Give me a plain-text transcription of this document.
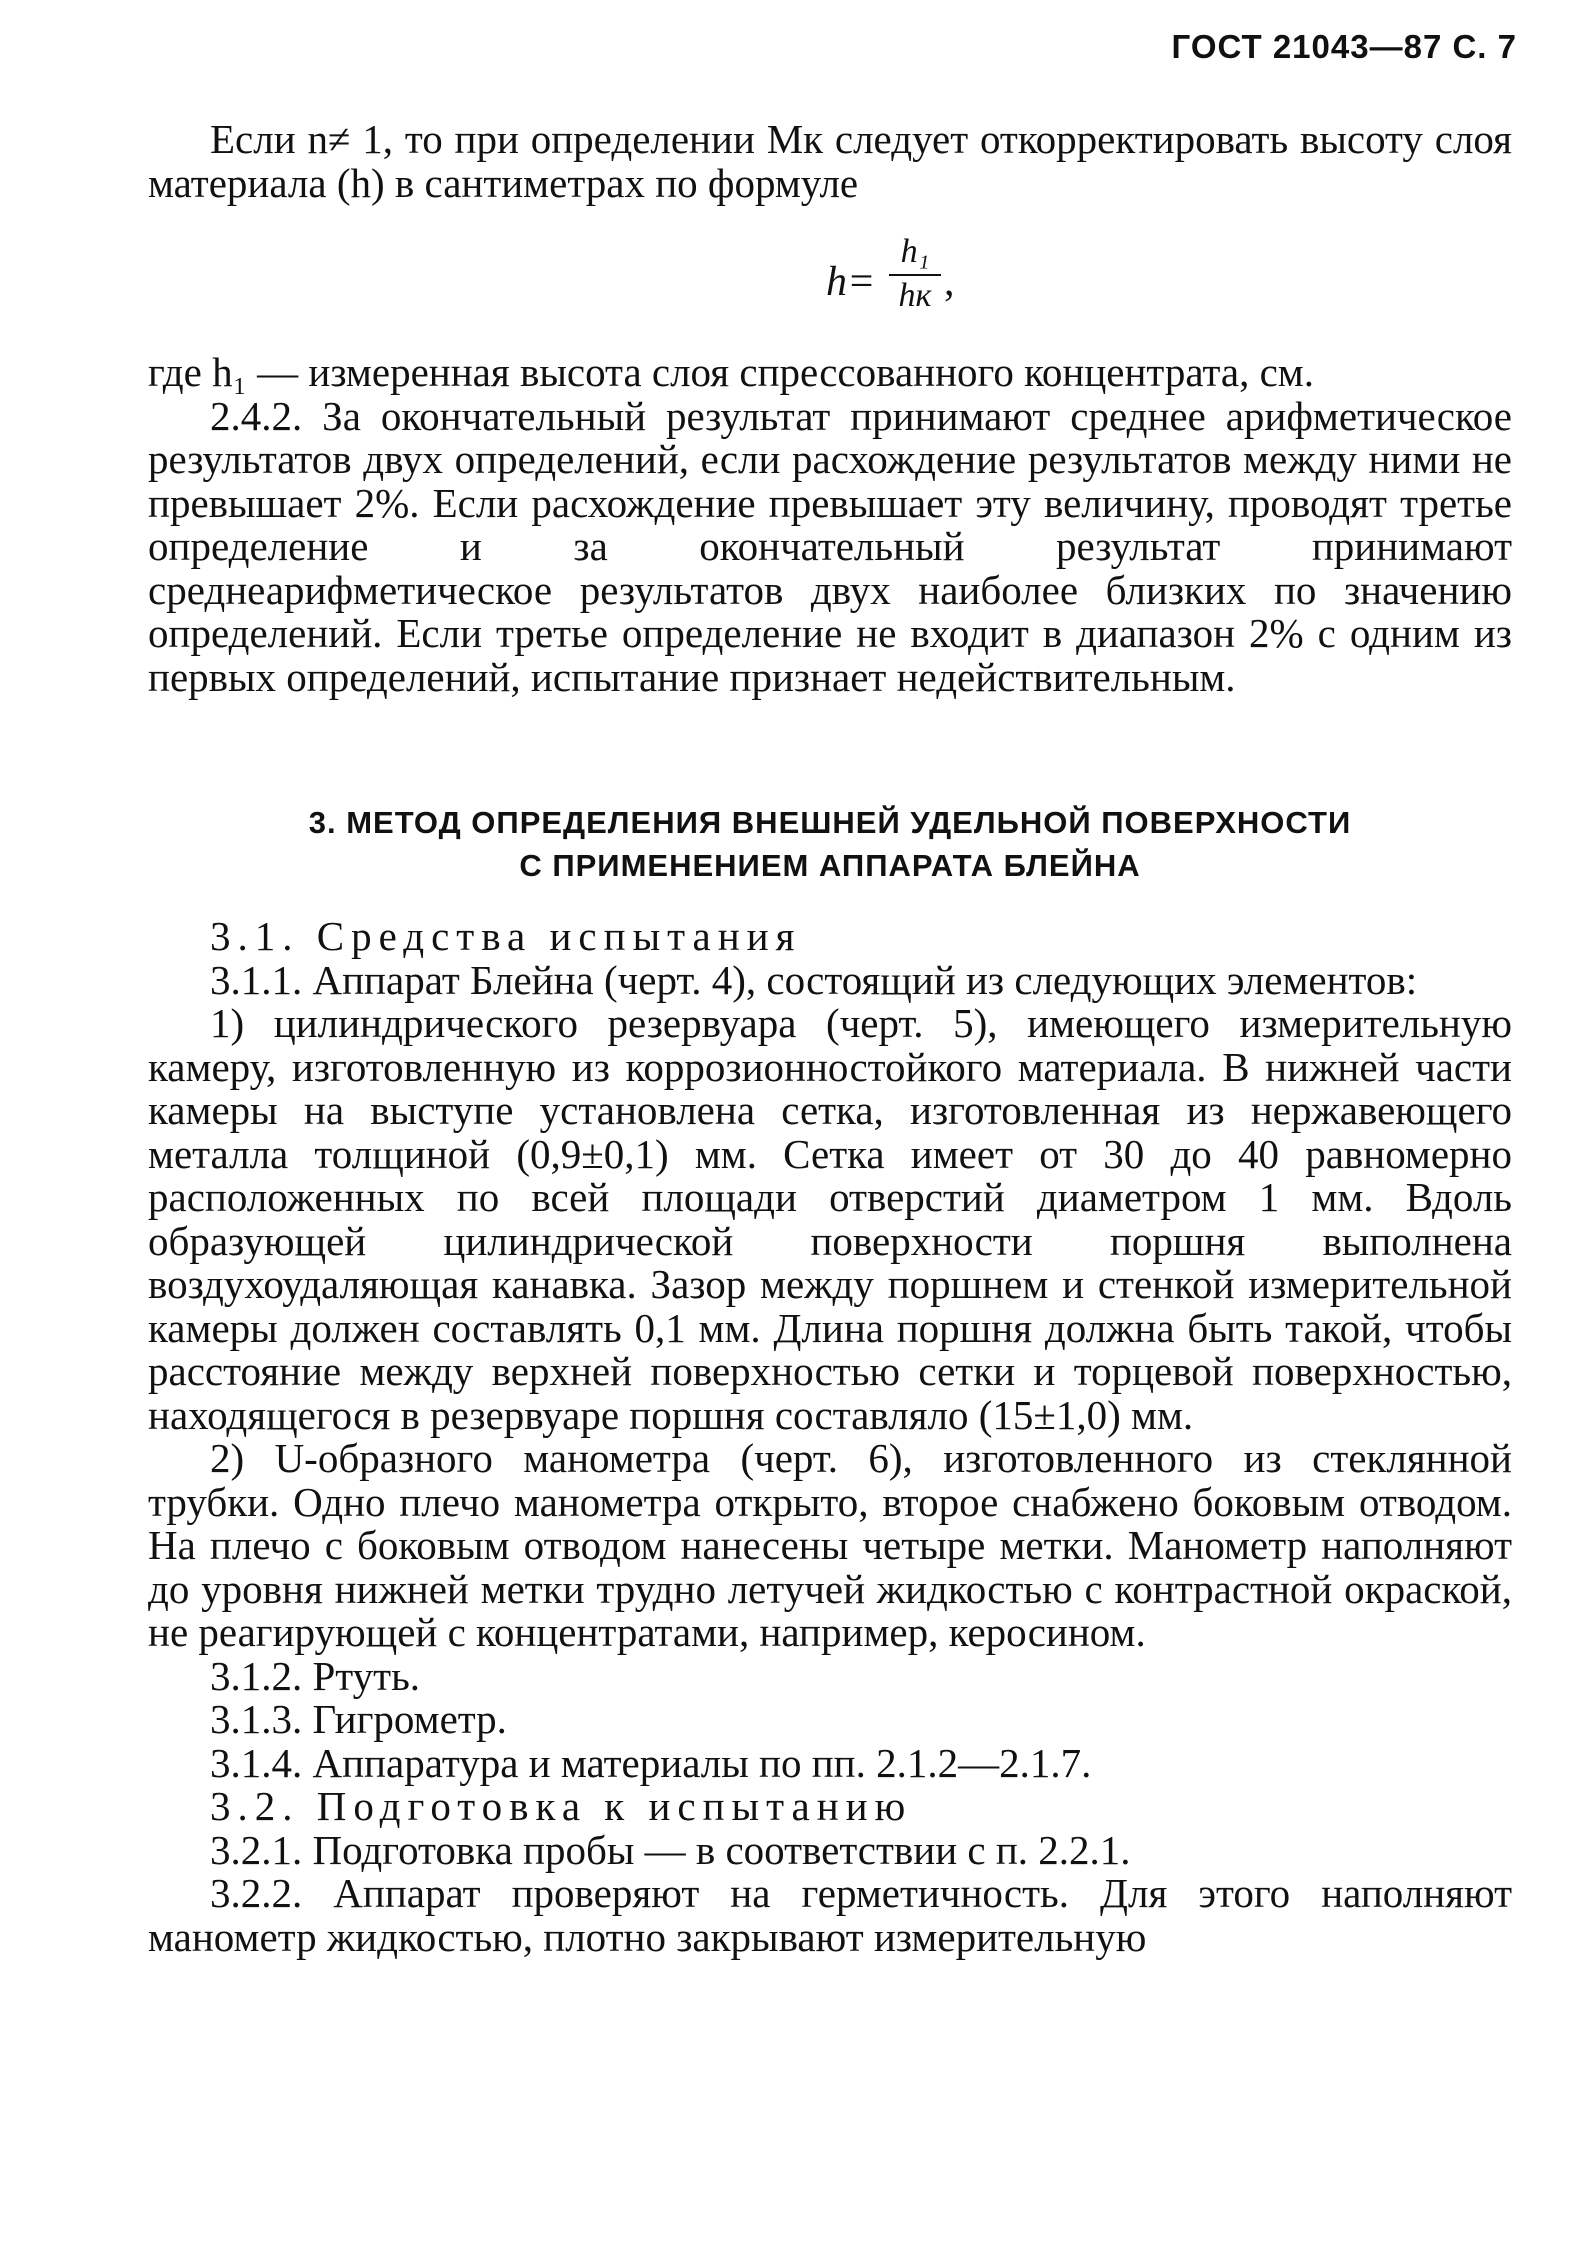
ГОСТ 21043—87 С. 7

Если n≠ 1, то при определении Mк следует откорректировать высоту слоя материала (h) в сантиметрах по формуле

h=
h₁
hк ,

где h₁ — измеренная высота слоя спрессованного концентрата, см.

2.4.2. За окончательный результат принимают среднее арифметическое результатов двух определений, если расхождение результатов между ними не превышает 2%. Если расхождение превышает эту величину, проводят третье определение и за окончательный результат принимают среднеарифметическое результатов двух наиболее близких по значению определений. Если третье определение не входит в диапазон 2% с одним из первых определений, испытание признает недействительным.

3. МЕТОД ОПРЕДЕЛЕНИЯ ВНЕШНЕЙ УДЕЛЬНОЙ ПОВЕРХНОСТИ
С ПРИМЕНЕНИЕМ АППАРАТА БЛЕЙНА

3.1. Средства испытания

3.1.1. Аппарат Блейна (черт. 4), состоящий из следующих элементов:

1) цилиндрического резервуара (черт. 5), имеющего измерительную камеру, изготовленную из коррозионностойкого материала. В нижней части камеры на выступе установлена сетка, изготовленная из нержавеющего металла толщиной (0,9±0,1) мм. Сетка имеет от 30 до 40 равномерно расположенных по всей площади отверстий диаметром 1 мм. Вдоль образующей цилиндрической поверхности поршня выполнена воздухоудаляющая канавка. Зазор между поршнем и стенкой измерительной камеры должен составлять 0,1 мм. Длина поршня должна быть такой, чтобы расстояние между верхней поверхностью сетки и торцевой поверхностью, находящегося в резервуаре поршня составляло (15±1,0) мм.

2) U-образного манометра (черт. 6), изготовленного из стеклянной трубки. Одно плечо манометра открыто, второе снабжено боковым отводом. На плечо с боковым отводом нанесены четыре метки. Манометр наполняют до уровня нижней метки трудно летучей жидкостью с контрастной окраской, не реагирующей с концентратами, например, керосином.

3.1.2. Ртуть.

3.1.3. Гигрометр.

3.1.4. Аппаратура и материалы по пп. 2.1.2—2.1.7.

3.2. Подготовка к испытанию

3.2.1. Подготовка пробы — в соответствии с п. 2.2.1.

3.2.2. Аппарат проверяют на герметичность. Для этого наполняют манометр жидкостью, плотно закрывают измерительную
